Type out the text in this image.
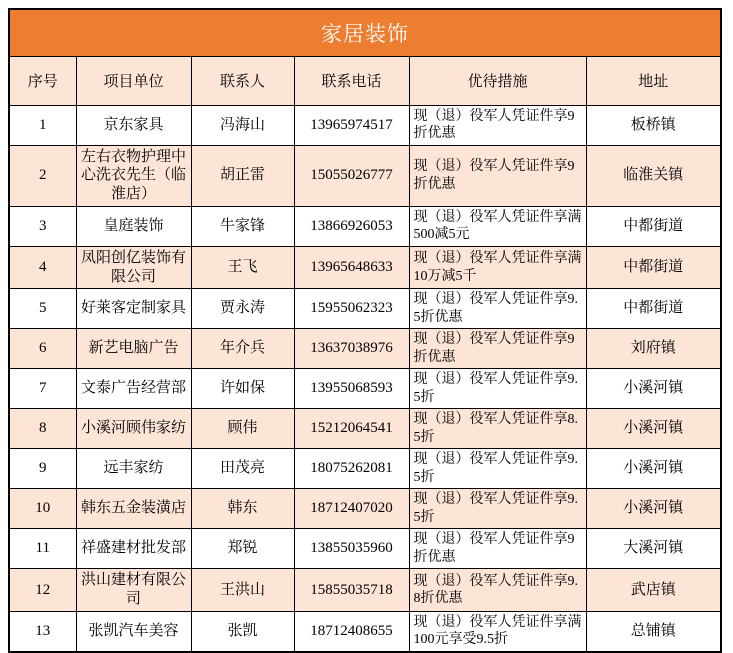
家居装饰					
序号	项目单位	联系人	联系电话	优待措施	地址
1	京东家具	冯海山	13965974517	现（退）役军人凭证件享9折优惠	板桥镇
2	左右衣物护理中心洗衣先生（临淮店）	胡正雷	15055026777	现（退）役军人凭证件享9折优惠	临淮关镇
3	皇庭装饰	牛家锋	13866926053	现（退）役军人凭证件享满500减5元	中都街道
4	凤阳创亿装饰有限公司	王飞	13965648633	现（退）役军人凭证件享满10万减5千	中都街道
5	好莱客定制家具	贾永涛	15955062323	现（退）役军人凭证件享9.5折优惠	中都街道
6	新艺电脑广告	年介兵	13637038976	现（退）役军人凭证件享9折优惠	刘府镇
7	文泰广告经营部	许如保	13955068593	现（退）役军人凭证件享9.5折	小溪河镇
8	小溪河顾伟家纺	顾伟	15212064541	现（退）役军人凭证件享8.5折	小溪河镇
9	远丰家纺	田茂亮	18075262081	现（退）役军人凭证件享9.5折	小溪河镇
10	韩东五金装潢店	韩东	18712407020	现（退）役军人凭证件享9.5折	小溪河镇
11	祥盛建材批发部	郑锐	13855035960	现（退）役军人凭证件享9折优惠	大溪河镇
12	洪山建材有限公司	王洪山	15855035718	现（退）役军人凭证件享9.8折优惠	武店镇
13	张凯汽车美容	张凯	18712408655	现（退）役军人凭证件享满100元享受9.5折	总铺镇
